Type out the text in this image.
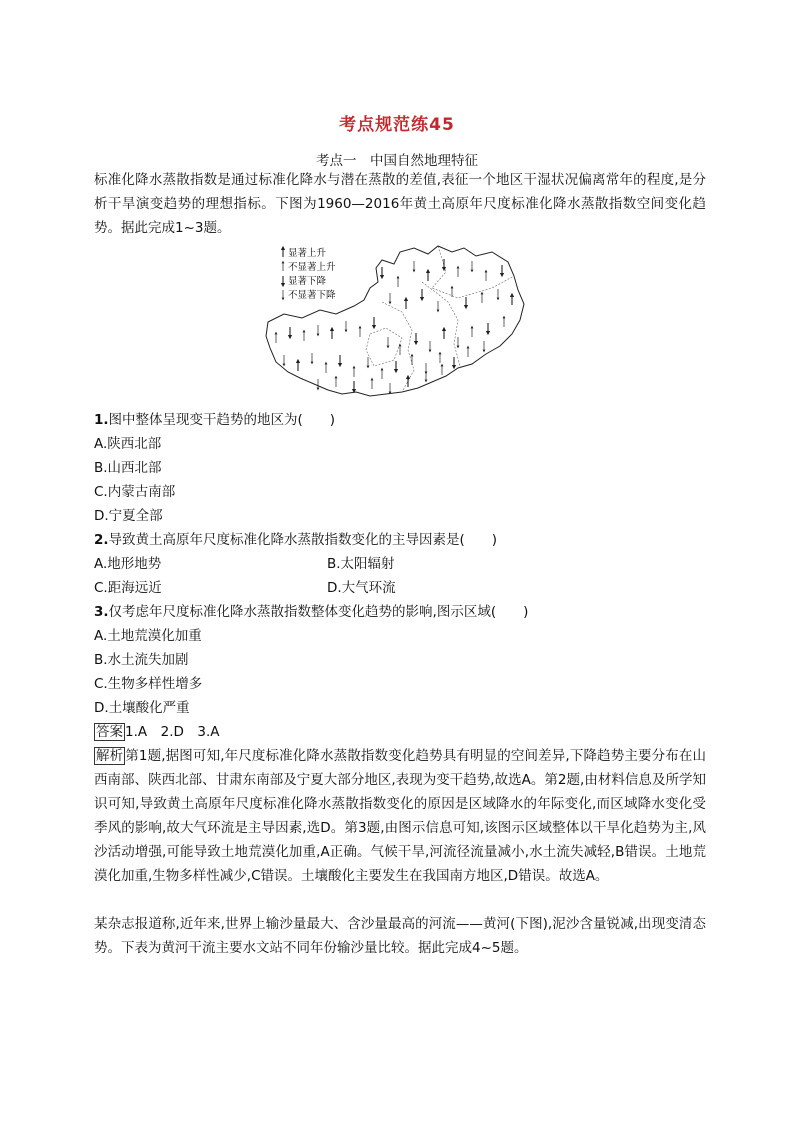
考点规范练45
考点一　中国自然地理特征
标准化降水蒸散指数是通过标准化降水与潜在蒸散的差值,表征一个地区干湿状况偏离常年的程度,是分析干旱演变趋势的理想指标。下图为1960—2016年黄土高原年尺度标准化降水蒸散指数空间变化趋势。据此完成1~3题。
显著上升
不显著上升
显著下降
不显著下降
1.图中整体呈现变干趋势的地区为(　　)
A.陕西北部
B.山西北部
C.内蒙古南部
D.宁夏全部
2.导致黄土高原年尺度标准化降水蒸散指数变化的主导因素是(　　)
A.地形地势	B.太阳辐射
C.距海远近	D.大气环流
3.仅考虑年尺度标准化降水蒸散指数整体变化趋势的影响,图示区域(　　)
A.土地荒漠化加重
B.水土流失加剧
C.生物多样性增多
D.土壤酸化严重
答案 1.A　2.D　3.A
解析 第1题,据图可知,年尺度标准化降水蒸散指数变化趋势具有明显的空间差异,下降趋势主要分布在山西南部、陕西北部、甘肃东南部及宁夏大部分地区,表现为变干趋势,故选A。第2题,由材料信息及所学知识可知,导致黄土高原年尺度标准化降水蒸散指数变化的原因是区域降水的年际变化,而区域降水变化受季风的影响,故大气环流是主导因素,选D。第3题,由图示信息可知,该图示区域整体以干旱化趋势为主,风沙活动增强,可能导致土地荒漠化加重,A正确。气候干旱,河流径流量减小,水土流失减轻,B错误。土地荒漠化加重,生物多样性减少,C错误。土壤酸化主要发生在我国南方地区,D错误。故选A。
某杂志报道称,近年来,世界上输沙量最大、含沙量最高的河流——黄河(下图),泥沙含量锐减,出现变清态势。下表为黄河干流主要水文站不同年份输沙量比较。据此完成4~5题。
